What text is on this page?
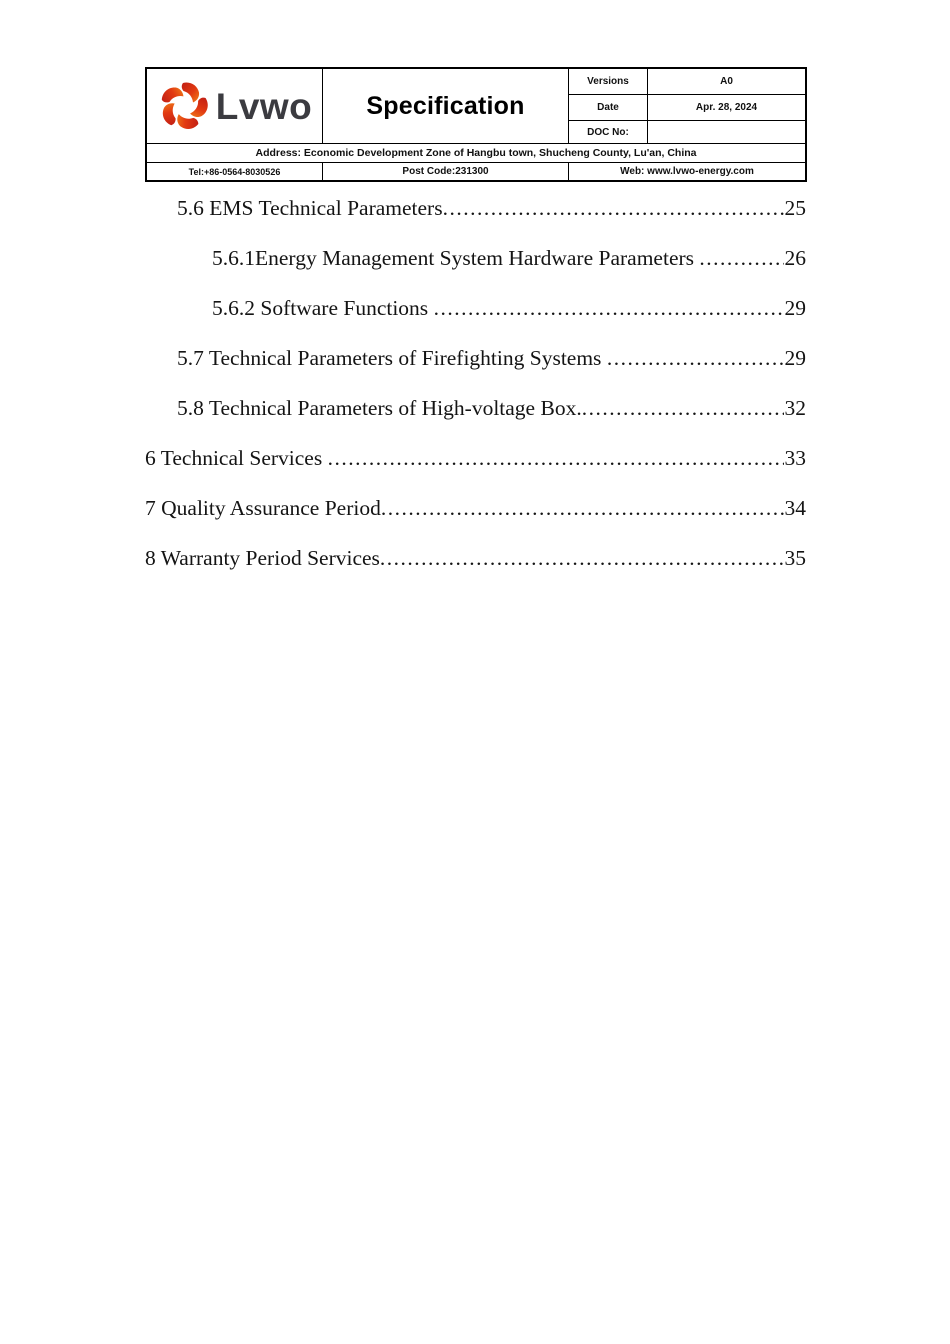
Lvwo	Specification
Versions	A0
Date	Apr. 28, 2024
DOC No:
Address: Economic Development Zone of Hangbu town, Shucheng County, Lu'an, China
Tel:+86-0564-8030526	Post Code:231300	Web: www.lvwo-energy.com
5.6 EMS Technical Parameters .....	25
5.6.1Energy Management System Hardware Parameters .....	26
5.6.2 Software Functions .....	29
5.7 Technical Parameters of Firefighting Systems .....	29
5.8 Technical Parameters of High-voltage Box. .....	32
6 Technical Services .....	33
7 Quality Assurance Period .....	34
8 Warranty Period Services .....	35
